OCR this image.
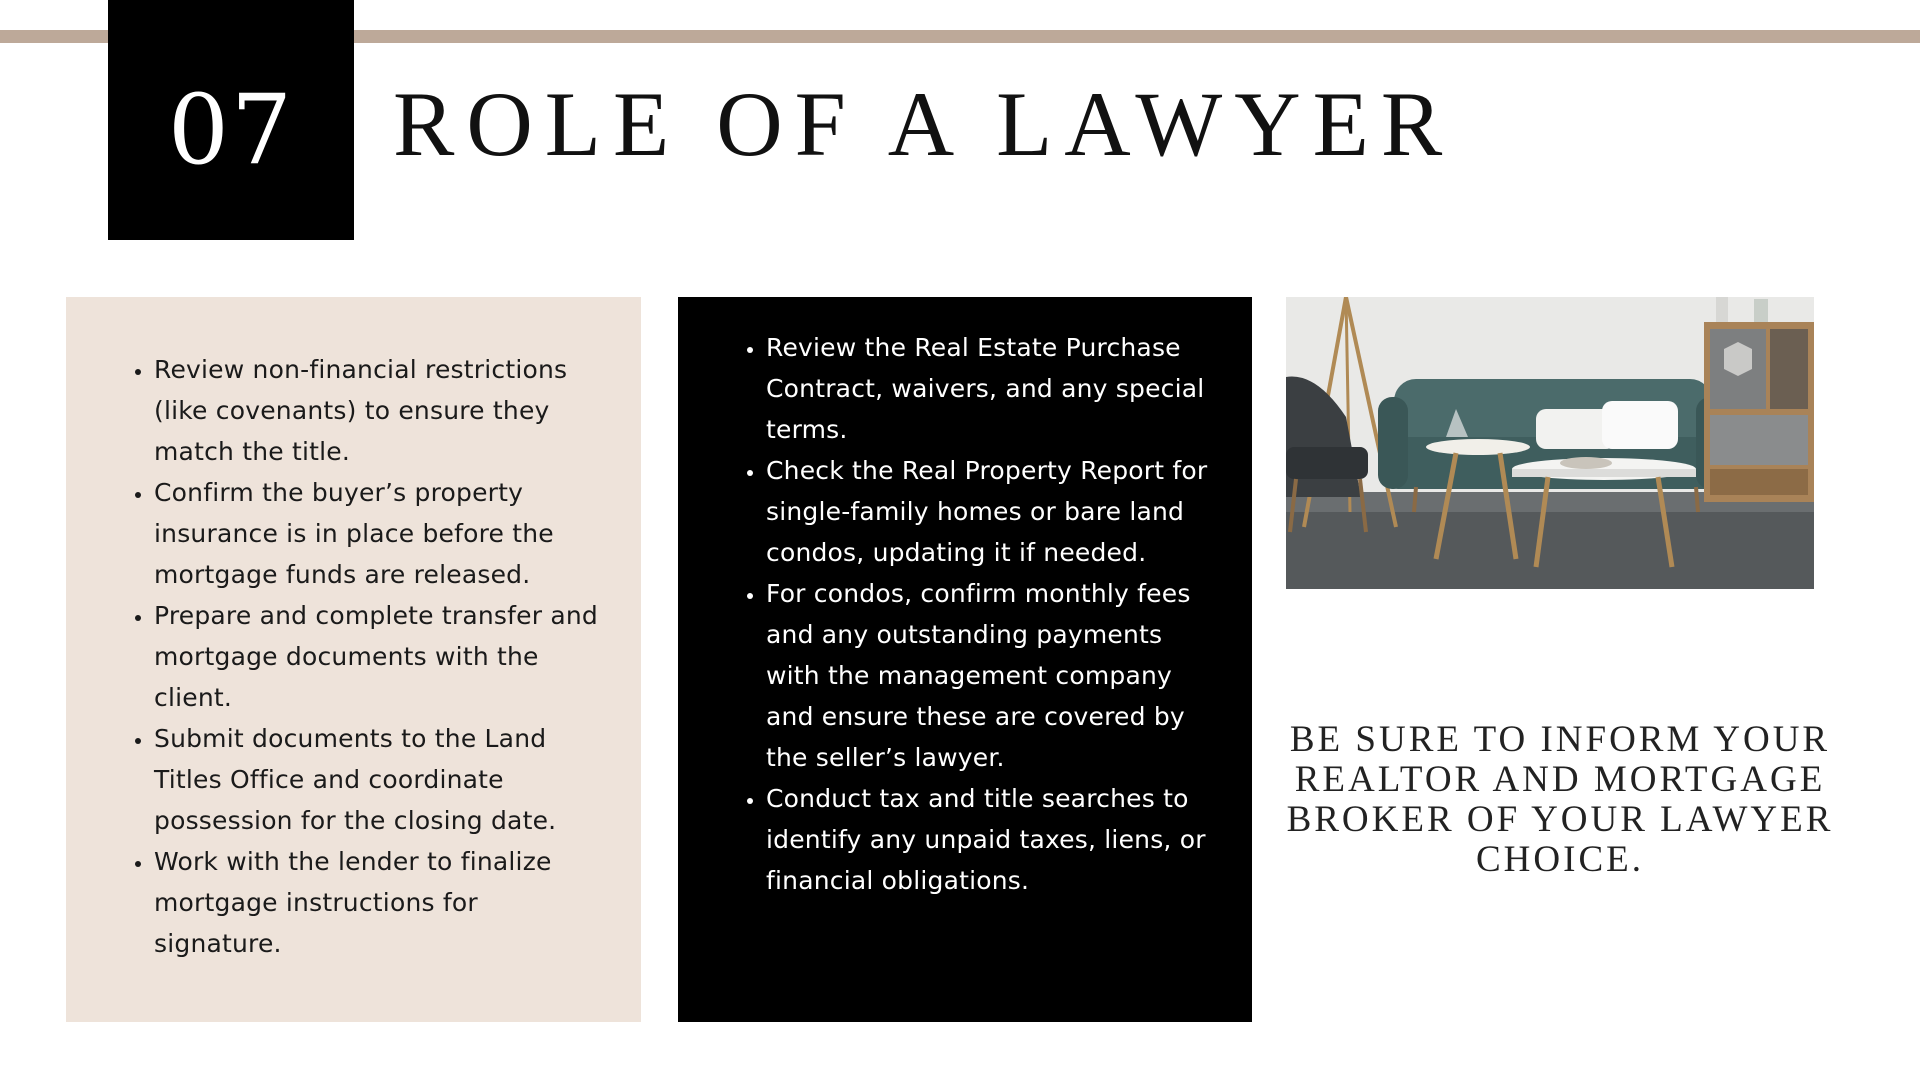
07 ROLE OF A LAWYER
• Review non-financial restrictions (like covenants) to ensure they match the title.
• Confirm the buyer’s property insurance is in place before the mortgage funds are released.
• Prepare and complete transfer and mortgage documents with the client.
• Submit documents to the Land Titles Office and coordinate possession for the closing date.
• Work with the lender to finalize mortgage instructions for signature.
• Review the Real Estate Purchase Contract, waivers, and any special terms.
• Check the Real Property Report for single-family homes or bare land condos, updating it if needed.
• For condos, confirm monthly fees and any outstanding payments with the management company and ensure these are covered by the seller’s lawyer.
• Conduct tax and title searches to identify any unpaid taxes, liens, or financial obligations.
BE SURE TO INFORM YOUR REALTOR AND MORTGAGE BROKER OF YOUR LAWYER CHOICE.
